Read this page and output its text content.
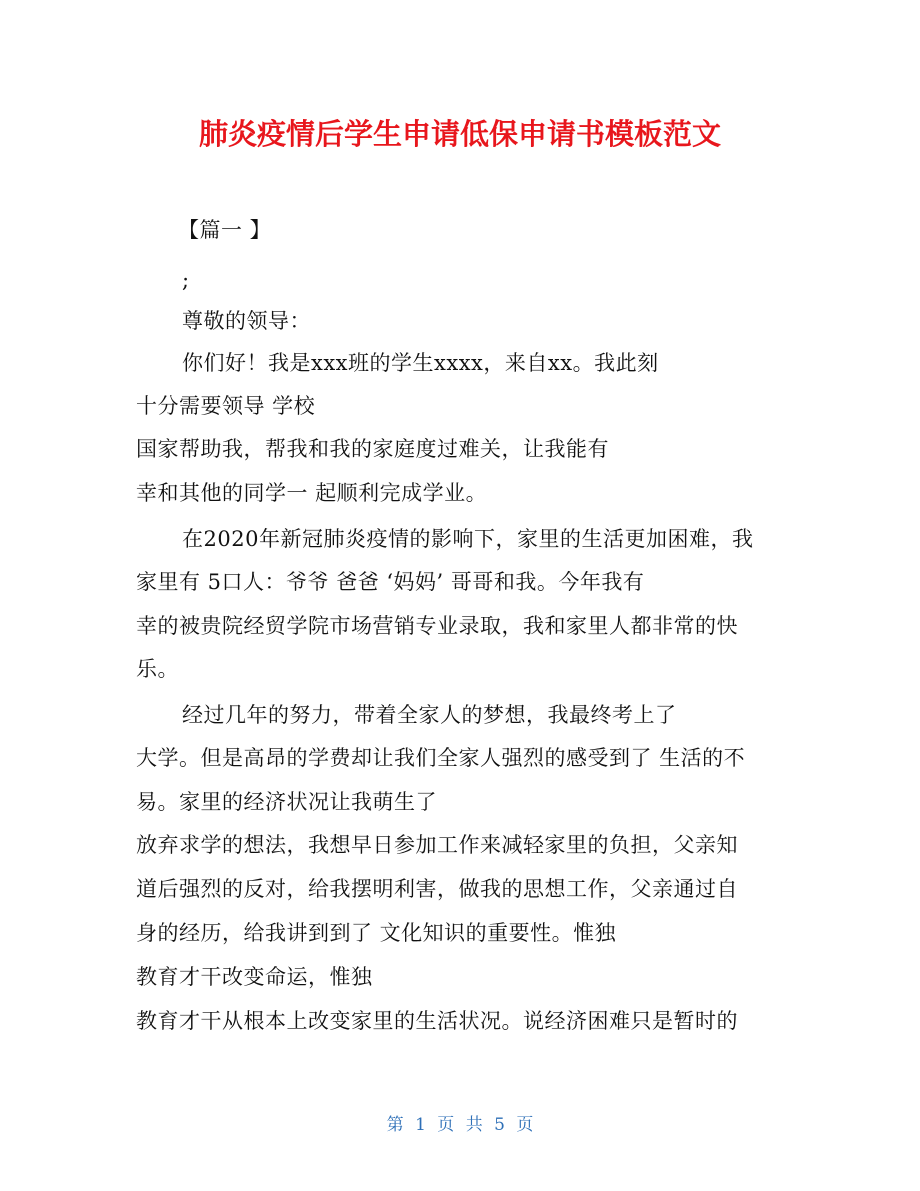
肺炎疫情后学生申请低保申请书模板范文
【篇一 】
;
尊敬的领导：
你们好！我是xxx班的学生xxxx，来自xx。我此刻
十分需要领导 学校
国家帮助我，帮我和我的家庭度过难关，让我能有
幸和其他的同学一 起顺利完成学业。
在2020年新冠肺炎疫情的影响下，家里的生活更加困难，我
家里有 5口人：爷爷 爸爸 ‘妈妈’ 哥哥和我。今年我有
幸的被贵院经贸学院市场营销专业录取，我和家里人都非常的快
乐。
经过几年的努力，带着全家人的梦想，我最终考上了
大学。但是高昂的学费却让我们全家人强烈的感受到了 生活的不
易。家里的经济状况让我萌生了
放弃求学的想法，我想早日参加工作来减轻家里的负担，父亲知
道后强烈的反对，给我摆明利害，做我的思想工作，父亲通过自
身的经历，给我讲到到了 文化知识的重要性。惟独
教育才干改变命运，惟独
教育才干从根本上改变家里的生活状况。说经济困难只是暂时的
第 1 页 共 5 页
